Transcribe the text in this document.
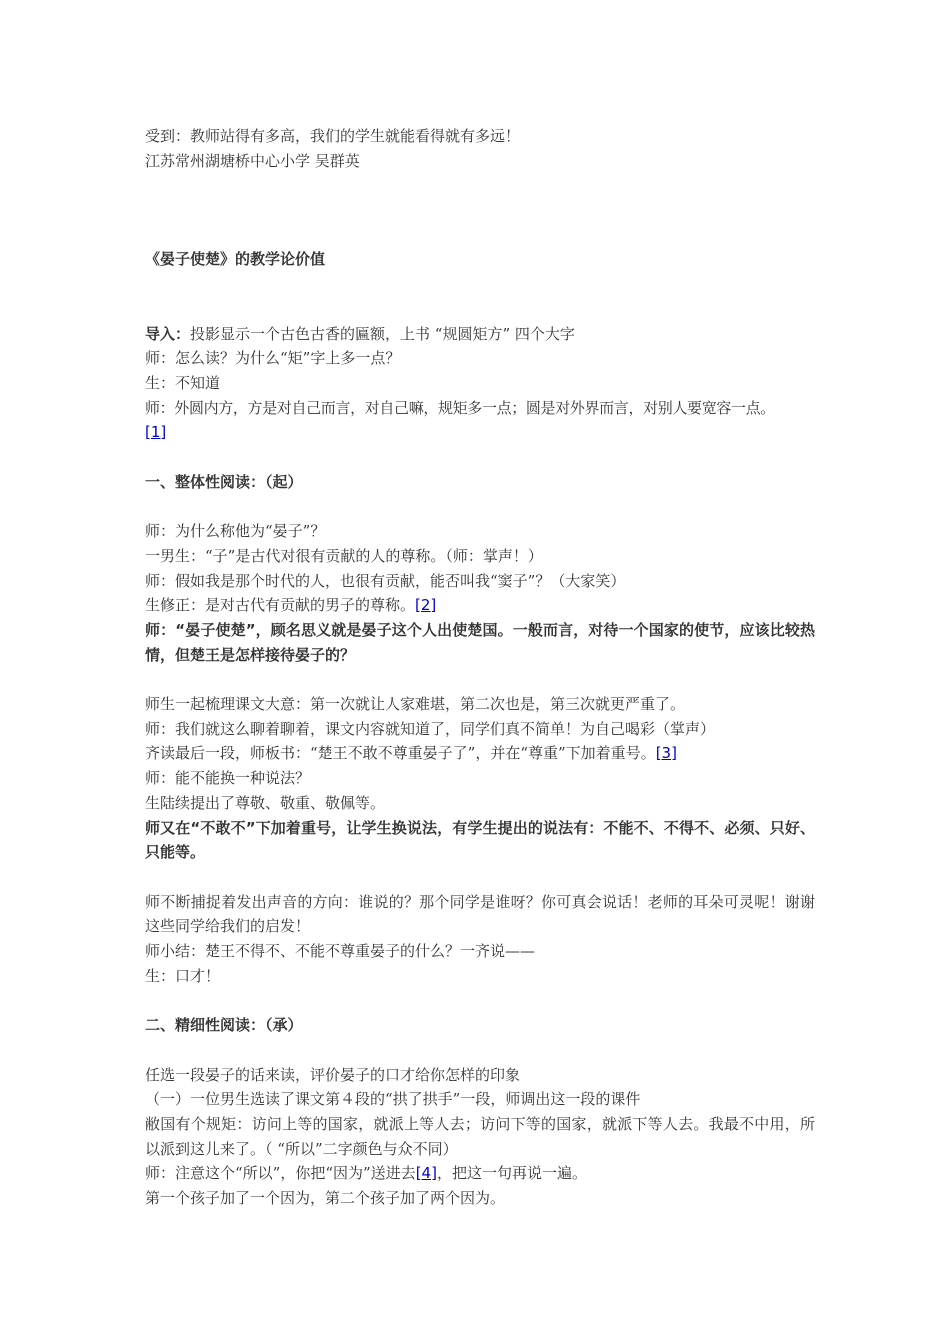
受到：教师站得有多高，我们的学生就能看得就有多远！
江苏常州湖塘桥中心小学 吴群英
《晏子使楚》的教学论价值
导入：投影显示一个古色古香的匾额，上书 “规圆矩方” 四个大字
师：怎么读？为什么“矩”字上多一点？
生：不知道
师：外圆内方，方是对自己而言，对自己嘛，规矩多一点；圆是对外界而言，对别人要宽容一点。
[1]
一、整体性阅读：（起）
师：为什么称他为“晏子”？
一男生：“子”是古代对很有贡献的人的尊称。（师：掌声！）
师：假如我是那个时代的人，也很有贡献，能否叫我“窦子”？（大家笑）
生修正：是对古代有贡献的男子的尊称。[2]
师：“晏子使楚”，顾名思义就是晏子这个人出使楚国。一般而言，对待一个国家的使节，应该比较热情，但楚王是怎样接待晏子的？
师生一起梳理课文大意：第一次就让人家难堪，第二次也是，第三次就更严重了。
师：我们就这么聊着聊着，课文内容就知道了，同学们真不简单！为自己喝彩（掌声）
齐读最后一段，师板书：“楚王不敢不尊重晏子了”，并在“尊重”下加着重号。[3]
师：能不能换一种说法？
生陆续提出了尊敬、敬重、敬佩等。
师又在“不敢不”下加着重号，让学生换说法，有学生提出的说法有：不能不、不得不、必须、只好、只能等。
师不断捕捉着发出声音的方向：谁说的？那个同学是谁呀？你可真会说话！老师的耳朵可灵呢！谢谢这些同学给我们的启发！
师小结：楚王不得不、不能不尊重晏子的什么？一齐说——
生：口才！
二、精细性阅读：（承）
任选一段晏子的话来读，评价晏子的口才给你怎样的印象
（一）一位男生选读了课文第４段的“拱了拱手”一段，师调出这一段的课件
敝国有个规矩：访问上等的国家，就派上等人去；访问下等的国家，就派下等人去。我最不中用，所以派到这儿来了。（ “所以”二字颜色与众不同）
师：注意这个“所以”，你把“因为”送进去[4]，把这一句再说一遍。
第一个孩子加了一个因为，第二个孩子加了两个因为。
